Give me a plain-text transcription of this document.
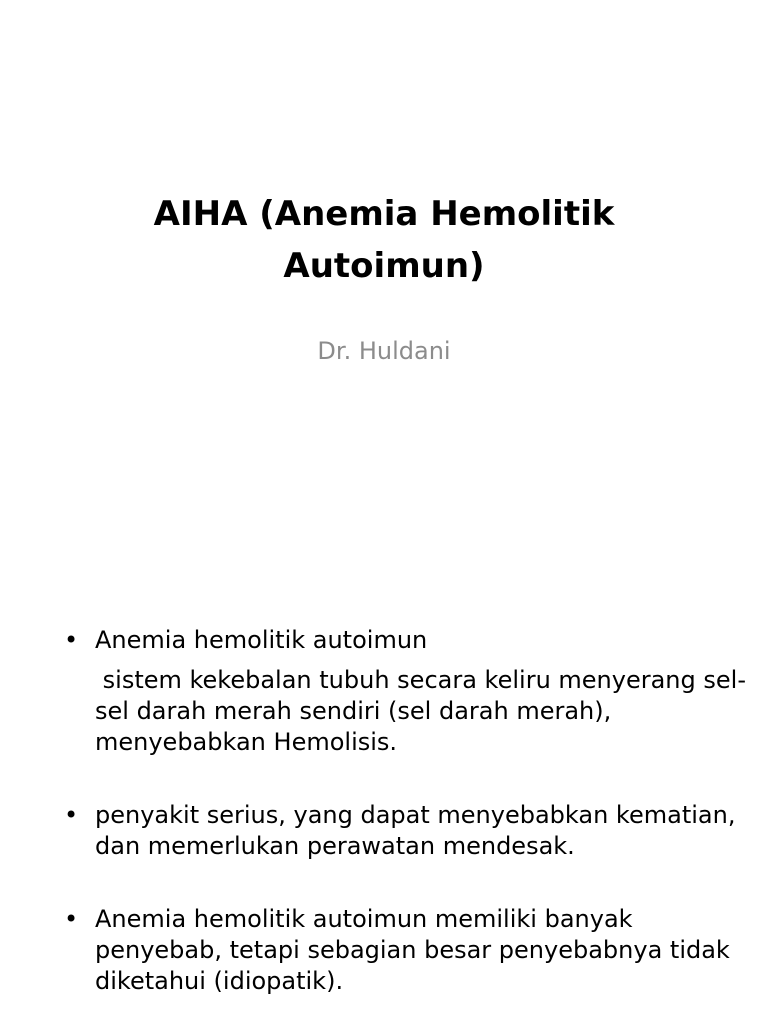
AIHA (Anemia Hemolitik
Autoimun)

Dr. Huldani

• Anemia hemolitik autoimun
sistem kekebalan tubuh secara keliru menyerang sel-sel darah merah sendiri (sel darah merah), menyebabkan Hemolisis.
• penyakit serius, yang dapat menyebabkan kematian, dan memerlukan perawatan mendesak.
• Anemia hemolitik autoimun memiliki banyak penyebab, tetapi sebagian besar penyebabnya tidak diketahui (idiopatik).
